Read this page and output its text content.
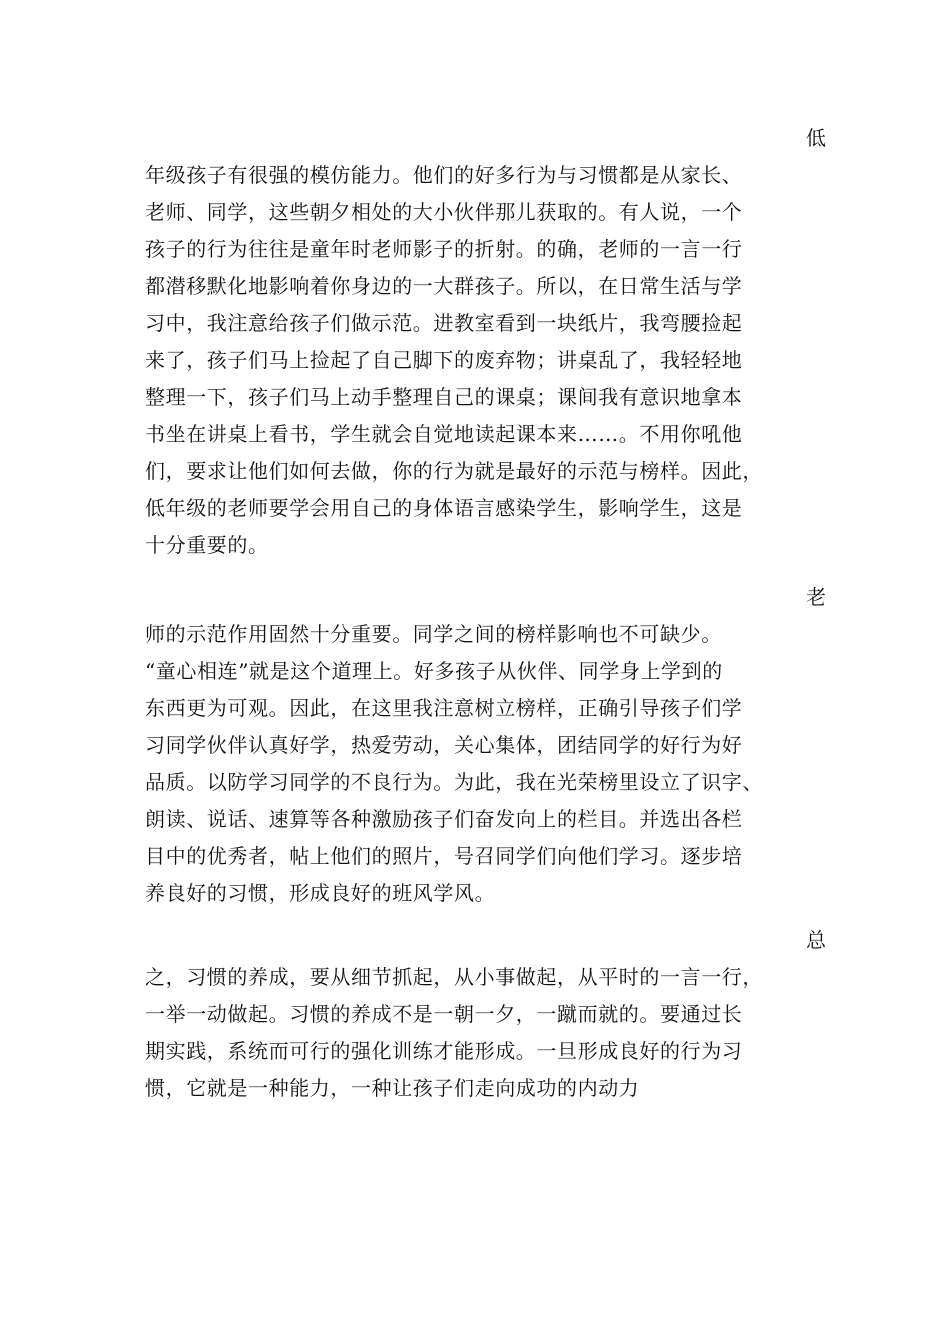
低

年级孩子有很强的模仿能力。他们的好多行为与习惯都是从家长、
老师、同学，这些朝夕相处的大小伙伴那儿获取的。有人说，一个
孩子的行为往往是童年时老师影子的折射。的确，老师的一言一行
都潜移默化地影响着你身边的一大群孩子。所以，在日常生活与学
习中，我注意给孩子们做示范。进教室看到一块纸片，我弯腰捡起
来了，孩子们马上捡起了自己脚下的废弃物；讲桌乱了，我轻轻地
整理一下，孩子们马上动手整理自己的课桌；课间我有意识地拿本
书坐在讲桌上看书，学生就会自觉地读起课本来……。不用你吼他
们，要求让他们如何去做，你的行为就是最好的示范与榜样。因此，
低年级的老师要学会用自己的身体语言感染学生，影响学生，这是
十分重要的。

老

师的示范作用固然十分重要。同学之间的榜样影响也不可缺少。
“童心相连”就是这个道理上。好多孩子从伙伴、同学身上学到的
东西更为可观。因此，在这里我注意树立榜样，正确引导孩子们学
习同学伙伴认真好学，热爱劳动，关心集体，团结同学的好行为好
品质。以防学习同学的不良行为。为此，我在光荣榜里设立了识字、
朗读、说话、速算等各种激励孩子们奋发向上的栏目。并选出各栏
目中的优秀者，帖上他们的照片，号召同学们向他们学习。逐步培
养良好的习惯，形成良好的班风学风。

总

之，习惯的养成，要从细节抓起，从小事做起，从平时的一言一行，
一举一动做起。习惯的养成不是一朝一夕，一蹴而就的。要通过长
期实践，系统而可行的强化训练才能形成。一旦形成良好的行为习
惯，它就是一种能力，一种让孩子们走向成功的内动力
